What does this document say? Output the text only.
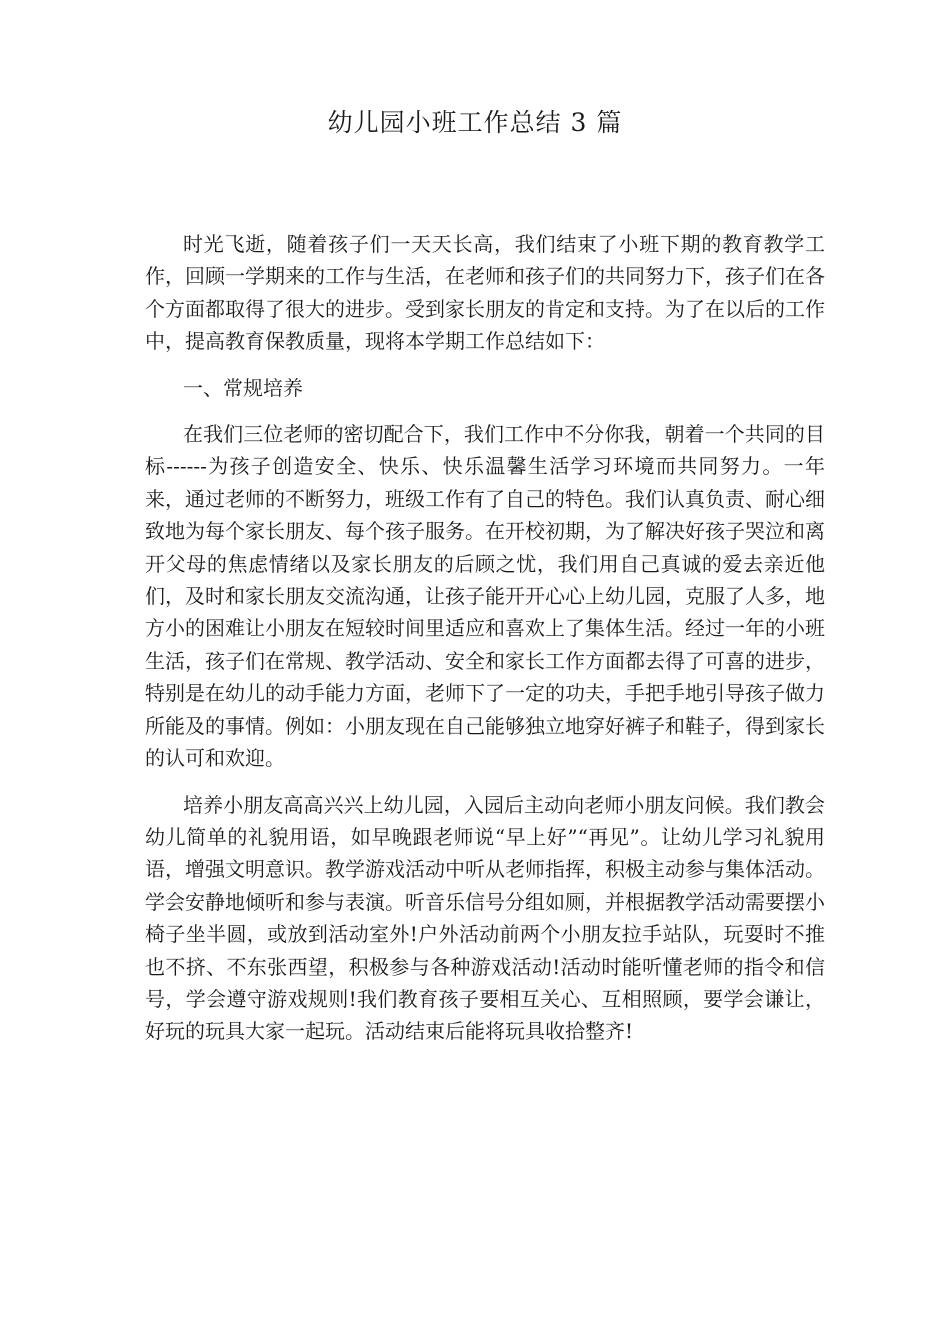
幼儿园小班工作总结 3 篇

时光飞逝，随着孩子们一天天长高，我们结束了小班下期的教育教学工作，回顾一学期来的工作与生活，在老师和孩子们的共同努力下，孩子们在各个方面都取得了很大的进步。受到家长朋友的肯定和支持。为了在以后的工作中，提高教育保教质量，现将本学期工作总结如下：

一、常规培养

在我们三位老师的密切配合下，我们工作中不分你我，朝着一个共同的目标------为孩子创造安全、快乐、快乐温馨生活学习环境而共同努力。一年来，通过老师的不断努力，班级工作有了自己的特色。我们认真负责、耐心细致地为每个家长朋友、每个孩子服务。在开校初期，为了解决好孩子哭泣和离开父母的焦虑情绪以及家长朋友的后顾之忧，我们用自己真诚的爱去亲近他们，及时和家长朋友交流沟通，让孩子能开开心心上幼儿园，克服了人多，地方小的困难让小朋友在短较时间里适应和喜欢上了集体生活。经过一年的小班生活，孩子们在常规、教学活动、安全和家长工作方面都去得了可喜的进步，特别是在幼儿的动手能力方面，老师下了一定的功夫，手把手地引导孩子做力所能及的事情。例如：小朋友现在自己能够独立地穿好裤子和鞋子，得到家长的认可和欢迎。

培养小朋友高高兴兴上幼儿园，入园后主动向老师小朋友问候。我们教会幼儿简单的礼貌用语，如早晚跟老师说“早上好”“再见”。让幼儿学习礼貌用语，增强文明意识。教学游戏活动中听从老师指挥，积极主动参与集体活动。学会安静地倾听和参与表演。听音乐信号分组如厕，并根据教学活动需要摆小椅子坐半圆，或放到活动室外!户外活动前两个小朋友拉手站队，玩耍时不推也不挤、不东张西望，积极参与各种游戏活动!活动时能听懂老师的指令和信号，学会遵守游戏规则!我们教育孩子要相互关心、互相照顾，要学会谦让，好玩的玩具大家一起玩。活动结束后能将玩具收拾整齐!
